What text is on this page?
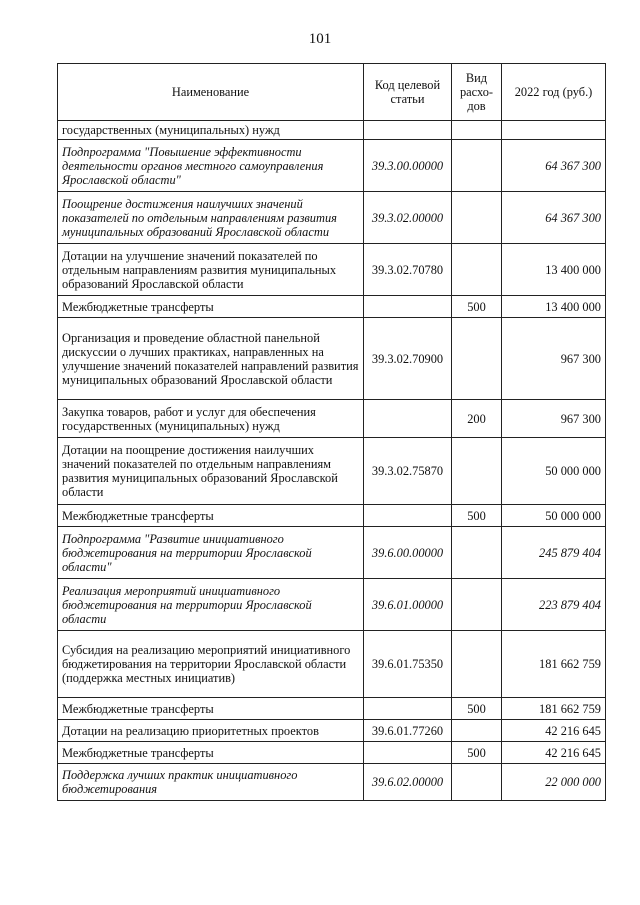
101
Наименование	Код целевой статьи	Вид расхо-дов	2022 год (руб.)
государственных (муниципальных) нужд			
Подпрограмма "Повышение эффективности деятельности органов местного самоуправления Ярославской области"	39.3.00.00000		64 367 300
Поощрение достижения наилучших значений показателей по отдельным направлениям развития муниципальных образований Ярославской области	39.3.02.00000		64 367 300
Дотации на улучшение значений показателей по отдельным направлениям развития муниципальных образований Ярославской области	39.3.02.70780		13 400 000
Межбюджетные трансферты		500	13 400 000
Организация и проведение областной панельной дискуссии о лучших практиках, направленных на улучшение значений показателей направлений развития муниципальных образований Ярославской области	39.3.02.70900		967 300
Закупка товаров, работ и услуг для обеспечения государственных (муниципальных) нужд		200	967 300
Дотации на поощрение достижения наилучших значений показателей по отдельным направлениям развития муниципальных образований Ярославской области	39.3.02.75870		50 000 000
Межбюджетные трансферты		500	50 000 000
Подпрограмма "Развитие инициативного бюджетирования на территории Ярославской области"	39.6.00.00000		245 879 404
Реализация мероприятий инициативного бюджетирования на территории Ярославской области	39.6.01.00000		223 879 404
Субсидия на реализацию мероприятий инициативного бюджетирования на территории Ярославской области (поддержка местных инициатив)	39.6.01.75350		181 662 759
Межбюджетные трансферты		500	181 662 759
Дотации на реализацию приоритетных проектов	39.6.01.77260		42 216 645
Межбюджетные трансферты		500	42 216 645
Поддержка лучших практик инициативного бюджетирования	39.6.02.00000		22 000 000
